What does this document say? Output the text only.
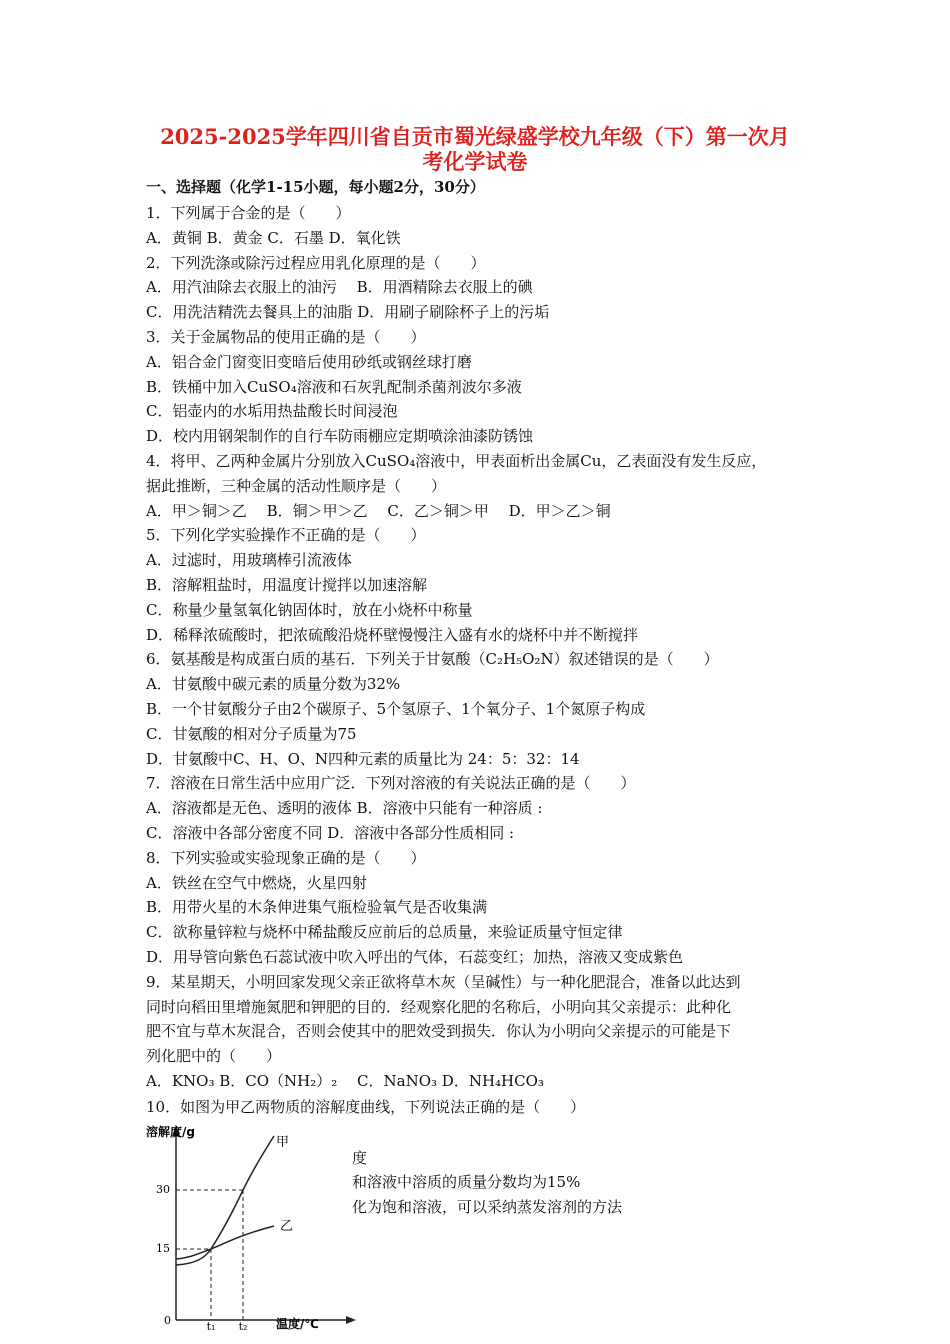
2025-2025学年四川省自贡市蜀光绿盛学校九年级（下）第一次月
考化学试卷
一、选择题（化学1-15小题，每小题2分，30分）
1．下列属于合金的是（　　）
A．黄铜 B．黄金 C．石墨 D．氧化铁
2．下列洗涤或除污过程应用乳化原理的是（　　）
A．用汽油除去衣服上的油污　 B．用酒精除去衣服上的碘
C．用洗洁精洗去餐具上的油脂 D．用刷子刷除杯子上的污垢
3．关于金属物品的使用正确的是（　　）
A．铝合金门窗变旧变暗后使用砂纸或钢丝球打磨
B．铁桶中加入CuSO₄溶液和石灰乳配制杀菌剂波尔多液
C．铝壶内的水垢用热盐酸长时间浸泡
D．校内用钢架制作的自行车防雨棚应定期喷涂油漆防锈蚀
4．将甲、乙两种金属片分别放入CuSO₄溶液中，甲表面析出金属Cu，乙表面没有发生反应，
据此推断，三种金属的活动性顺序是（　　）
A．甲＞铜＞乙　 B．铜＞甲＞乙　 C．乙＞铜＞甲　 D．甲＞乙＞铜
5．下列化学实验操作不正确的是（　　）
A．过滤时，用玻璃棒引流液体
B．溶解粗盐时，用温度计搅拌以加速溶解
C．称量少量氢氧化钠固体时，放在小烧杯中称量
D．稀释浓硫酸时，把浓硫酸沿烧杯壁慢慢注入盛有水的烧杯中并不断搅拌
6．氨基酸是构成蛋白质的基石．下列关于甘氨酸（C₂H₅O₂N）叙述错误的是（　　）
A．甘氨酸中碳元素的质量分数为32%
B．一个甘氨酸分子由2个碳原子、5个氢原子、1个氧分子、1个氮原子构成
C．甘氨酸的相对分子质量为75
D．甘氨酸中C、H、O、N四种元素的质量比为 24：5：32：14
7．溶液在日常生活中应用广泛．下列对溶液的有关说法正确的是（　　）
A．溶液都是无色、透明的液体 B．溶液中只能有一种溶质 :
C．溶液中各部分密度不同 D．溶液中各部分性质相同 :
8．下列实验或实验现象正确的是（　　）
A．铁丝在空气中燃烧，火星四射
B．用带火星的木条伸进集气瓶检验氧气是否收集满
C．欲称量锌粒与烧杯中稀盐酸反应前后的总质量，来验证质量守恒定律
D．用导管向紫色石蕊试液中吹入呼出的气体，石蕊变红；加热，溶液又变成紫色
9．某星期天，小明回家发现父亲正欲将草木灰（呈碱性）与一种化肥混合，准备以此达到
同时向稻田里增施氮肥和钾肥的目的．经观察化肥的名称后，小明向其父亲提示：此种化
肥不宜与草木灰混合，否则会使其中的肥效受到损失．你认为小明向父亲提示的可能是下
列化肥中的（　　）
A．KNO₃ B．CO（NH₂）₂　 C．NaNO₃ D．NH₄HCO₃
10．如图为甲乙两物质的溶解度曲线，下列说法正确的是（　　）
度
和溶液中溶质的质量分数均为15%
化为饱和溶液，可以采纳蒸发溶剂的方法
溶解度/g
温度/℃
0	t₁ t₂
15
30
甲
乙
